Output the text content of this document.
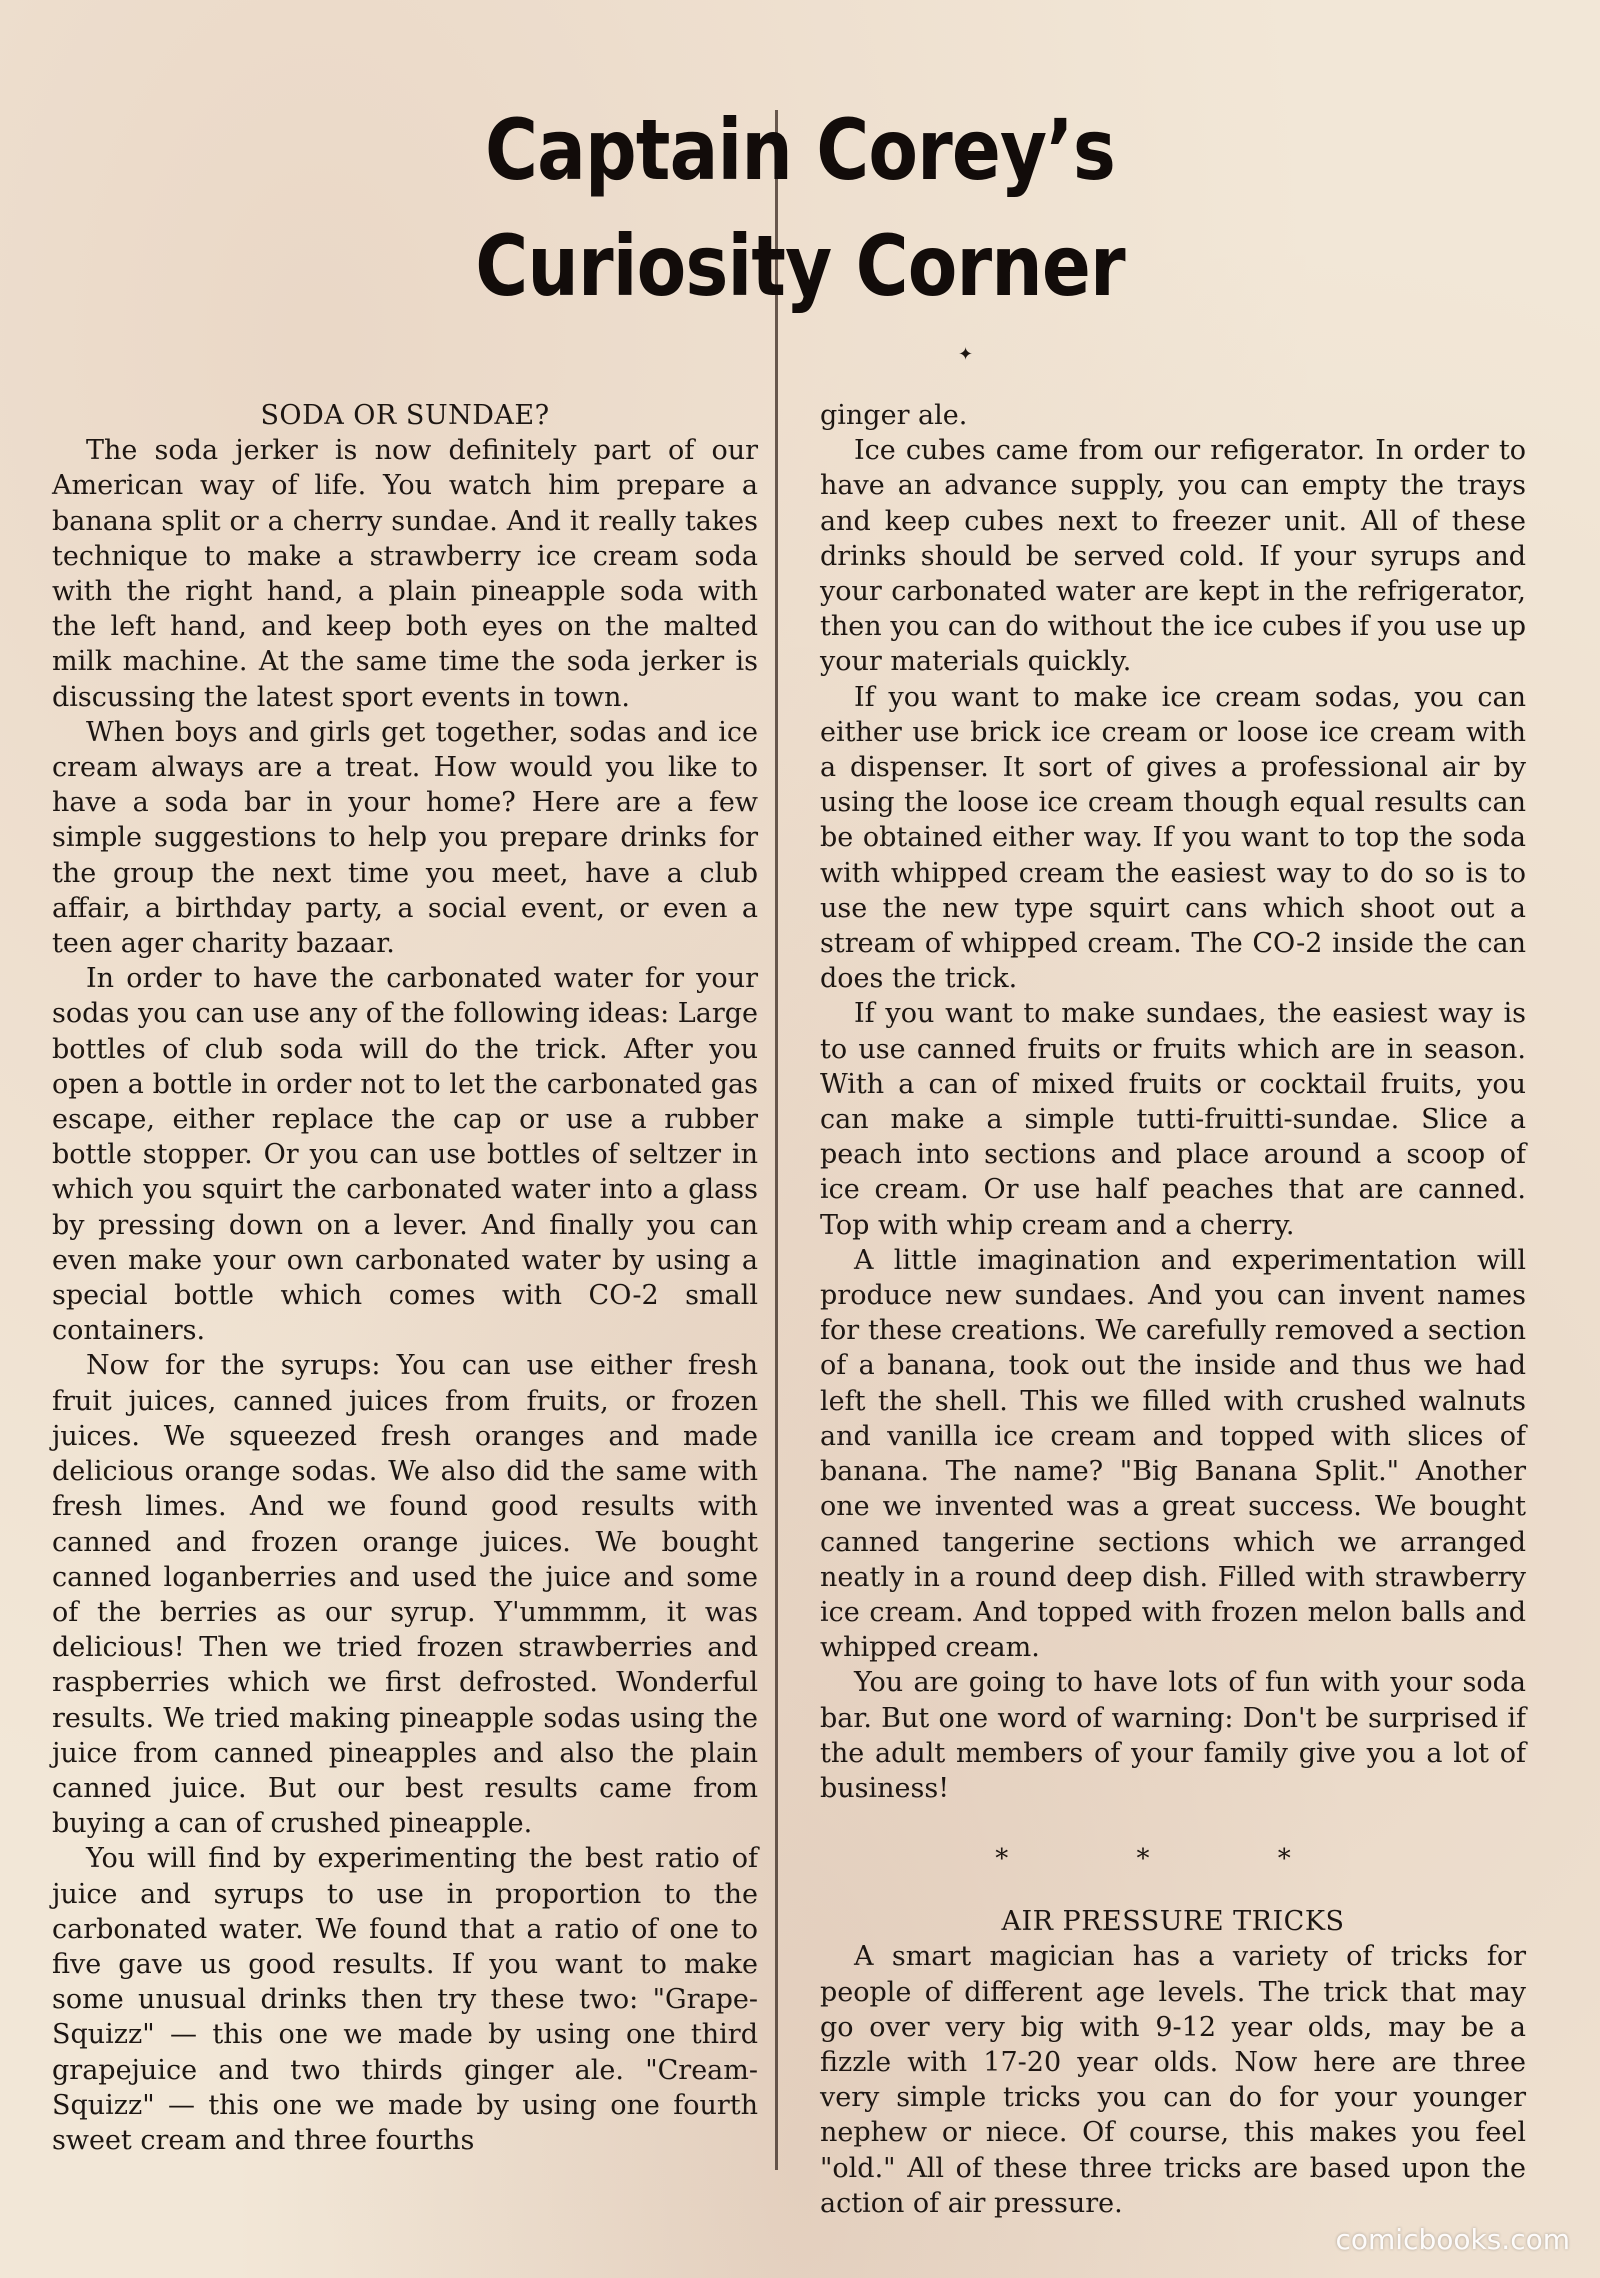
Captain Corey’s
Curiosity Corner
✦
SODA OR SUNDAE?

The soda jerker is now definitely part of our American way of life. You watch him prepare a banana split or a cherry sundae. And it really takes technique to make a strawberry ice cream soda with the right hand, a plain pineapple soda with the left hand, and keep both eyes on the malted milk machine. At the same time the soda jerker is discussing the latest sport events in town.

When boys and girls get together, sodas and ice cream always are a treat. How would you like to have a soda bar in your home? Here are a few simple suggestions to help you prepare drinks for the group the next time you meet, have a club affair, a birthday party, a social event, or even a teen ager charity bazaar.

In order to have the carbonated water for your sodas you can use any of the following ideas: Large bottles of club soda will do the trick. After you open a bottle in order not to let the carbonated gas escape, either replace the cap or use a rubber bottle stopper. Or you can use bottles of seltzer in which you squirt the carbonated water into a glass by pressing down on a lever. And finally you can even make your own carbonated water by using a special bottle which comes with CO-2 small containers.

Now for the syrups: You can use either fresh fruit juices, canned juices from fruits, or frozen juices. We squeezed fresh oranges and made delicious orange sodas. We also did the same with fresh limes. And we found good results with canned and frozen orange juices. We bought canned loganberries and used the juice and some of the berries as our syrup. Y'ummmm, it was delicious! Then we tried frozen strawberries and raspberries which we first defrosted. Wonderful results. We tried making pineapple sodas using the juice from canned pineapples and also the plain canned juice. But our best results came from buying a can of crushed pineapple.

You will find by experimenting the best ratio of juice and syrups to use in proportion to the carbonated water. We found that a ratio of one to five gave us good results. If you want to make some unusual drinks then try these two: "Grape-Squizz" — this one we made by using one third grapejuice and two thirds ginger ale. "Cream-Squizz" — this one we made by using one fourth sweet cream and three fourths

ginger ale.

Ice cubes came from our refigerator. In order to have an advance supply, you can empty the trays and keep cubes next to freezer unit. All of these drinks should be served cold. If your syrups and your carbonated water are kept in the refrigerator, then you can do without the ice cubes if you use up your materials quickly.

If you want to make ice cream sodas, you can either use brick ice cream or loose ice cream with a dispenser. It sort of gives a professional air by using the loose ice cream though equal results can be obtained either way. If you want to top the soda with whipped cream the easiest way to do so is to use the new type squirt cans which shoot out a stream of whipped cream. The CO-2 inside the can does the trick.

If you want to make sundaes, the easiest way is to use canned fruits or fruits which are in season. With a can of mixed fruits or cocktail fruits, you can make a simple tutti-fruitti-sundae. Slice a peach into sections and place around a scoop of ice cream. Or use half peaches that are canned. Top with whip cream and a cherry.

A little imagination and experimentation will produce new sundaes. And you can invent names for these creations. We carefully removed a section of a banana, took out the inside and thus we had left the shell. This we filled with crushed walnuts and vanilla ice cream and topped with slices of banana. The name? "Big Banana Split." Another one we invented was a great success. We bought canned tangerine sections which we arranged neatly in a round deep dish. Filled with strawberry ice cream. And topped with frozen melon balls and whipped cream.

You are going to have lots of fun with your soda bar. But one word of warning: Don't be surprised if the adult members of your family give you a lot of business!

* * *
AIR PRESSURE TRICKS

A smart magician has a variety of tricks for people of different age levels. The trick that may go over very big with 9-12 year olds, may be a fizzle with 17-20 year olds. Now here are three very simple tricks you can do for your younger nephew or niece. Of course, this makes you feel "old." All of these three tricks are based upon the action of air pressure.

comicbooks.com
